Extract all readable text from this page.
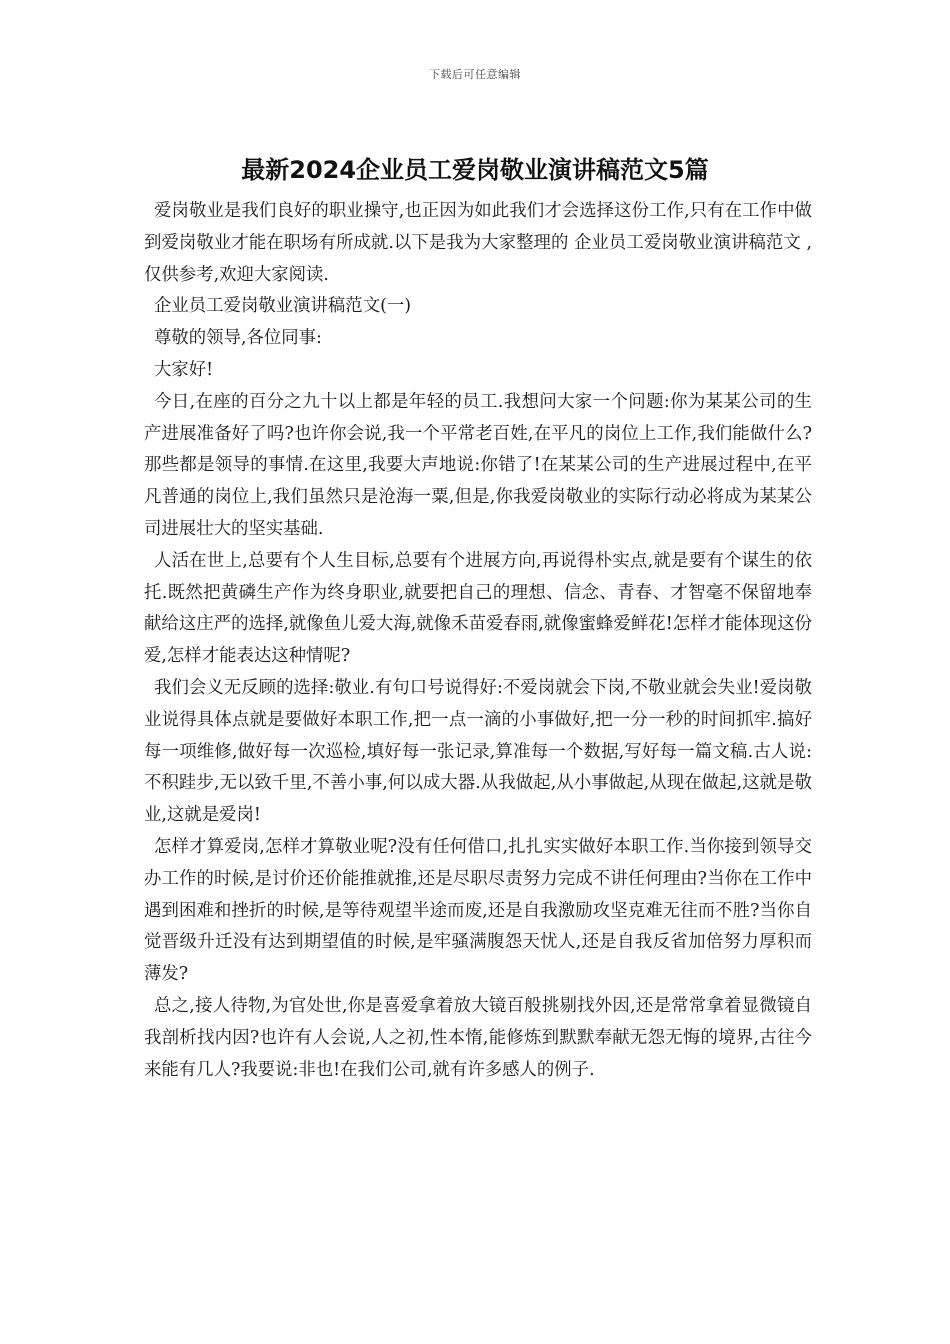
下载后可任意编辑
最新2024企业员工爱岗敬业演讲稿范文5篇

爱岗敬业是我们良好的职业操守,也正因为如此我们才会选择这份工作,只有在工作中做到爱岗敬业才能在职场有所成就.以下是我为大家整理的 企业员工爱岗敬业演讲稿范文 ,仅供参考,欢迎大家阅读.

企业员工爱岗敬业演讲稿范文(一)

尊敬的领导,各位同事:

大家好!

今日,在座的百分之九十以上都是年轻的员工.我想问大家一个问题:你为某某公司的生产进展准备好了吗?也许你会说,我一个平常老百姓,在平凡的岗位上工作,我们能做什么?那些都是领导的事情.在这里,我要大声地说:你错了!在某某公司的生产进展过程中,在平凡普通的岗位上,我们虽然只是沧海一粟,但是,你我爱岗敬业的实际行动必将成为某某公司进展壮大的坚实基础.

人活在世上,总要有个人生目标,总要有个进展方向,再说得朴实点,就是要有个谋生的依托.既然把黄磷生产作为终身职业,就要把自己的理想、信念、青春、才智毫不保留地奉献给这庄严的选择,就像鱼儿爱大海,就像禾苗爱春雨,就像蜜蜂爱鲜花!怎样才能体现这份爱,怎样才能表达这种情呢?

我们会义无反顾的选择:敬业.有句口号说得好:不爱岗就会下岗,不敬业就会失业!爱岗敬业说得具体点就是要做好本职工作,把一点一滴的小事做好,把一分一秒的时间抓牢.搞好每一项维修,做好每一次巡检,填好每一张记录,算准每一个数据,写好每一篇文稿.古人说:不积跬步,无以致千里,不善小事,何以成大器.从我做起,从小事做起,从现在做起,这就是敬业,这就是爱岗!

怎样才算爱岗,怎样才算敬业呢?没有任何借口,扎扎实实做好本职工作.当你接到领导交办工作的时候,是讨价还价能推就推,还是尽职尽责努力完成不讲任何理由?当你在工作中遇到困难和挫折的时候,是等待观望半途而废,还是自我激励攻坚克难无往而不胜?当你自觉晋级升迁没有达到期望值的时候,是牢骚满腹怨天忧人,还是自我反省加倍努力厚积而薄发?

总之,接人待物,为官处世,你是喜爱拿着放大镜百般挑剔找外因,还是常常拿着显微镜自我剖析找内因?也许有人会说,人之初,性本惰,能修炼到默默奉献无怨无悔的境界,古往今来能有几人?我要说:非也!在我们公司,就有许多感人的例子.
